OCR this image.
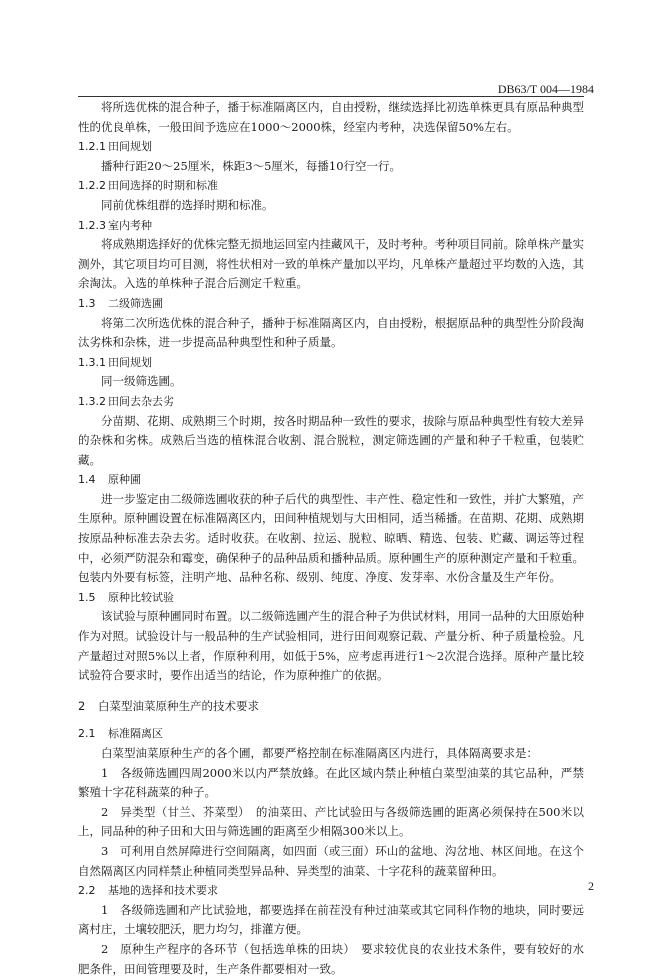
DB63/T 004—1984
将所选优株的混合种子，播于标准隔离区内，自由授粉，继续选择比初选单株更具有原品种典型性的优良单株，一般田间予选应在1000～2000株，经室内考种，决选保留50%左右。
1.2.1 田间规划
播种行距20～25厘米，株距3～5厘米，每播10行空一行。
1.2.2 田间选择的时期和标准
同前优株组群的选择时期和标准。
1.2.3 室内考种
将成熟期选择好的优株完整无损地运回室内挂藏风干，及时考种。考种项目同前。除单株产量实测外，其它项目均可目测，将性状相对一致的单株产量加以平均，凡单株产量超过平均数的入选，其余淘汰。入选的单株种子混合后测定千粒重。
1.3 二级筛选圃
将第二次所选优株的混合种子，播种于标准隔离区内，自由授粉，根据原品种的典型性分阶段淘汰劣株和杂株，进一步提高品种典型性和种子质量。
1.3.1 田间规划
同一级筛选圃。
1.3.2 田间去杂去劣
分苗期、花期、成熟期三个时期，按各时期品种一致性的要求，拔除与原品种典型性有较大差异的杂株和劣株。成熟后当选的植株混合收割、混合脱粒，测定筛选圃的产量和种子千粒重，包装贮藏。
1.4 原种圃
进一步鉴定由二级筛选圃收获的种子后代的典型性、丰产性、稳定性和一致性，并扩大繁殖，产生原种。原种圃设置在标准隔离区内，田间种植规划与大田相同，适当稀播。在苗期、花期、成熟期按原品种标准去杂去劣。适时收获。在收割、拉运、脱粒、晾晒、精选、包装、贮藏、调运等过程中，必须严防混杂和霉变，确保种子的品种品质和播种品质。原种圃生产的原种测定产量和千粒重。包装内外要有标签，注明产地、品种名称、级别、纯度、净度、发芽率、水份含量及生产年份。
1.5 原种比较试验
该试验与原种圃同时布置。以二级筛选圃产生的混合种子为供试材料，用同一品种的大田原始种作为对照。试验设计与一般品种的生产试验相同，进行田间观察记载、产量分析、种子质量检验。凡产量超过对照5%以上者，作原种利用，如低于5%，应考虑再进行1～2次混合选择。原种产量比较试验符合要求时，要作出适当的结论，作为原种推广的依据。
2 白菜型油菜原种生产的技术要求
2.1 标准隔离区
白菜型油菜原种生产的各个圃，都要严格控制在标准隔离区内进行，具体隔离要求是：
1　各级筛选圃四周2000米以内严禁放蜂。在此区域内禁止种植白菜型油菜的其它品种，严禁繁殖十字花科蔬菜的种子。
2　异类型（甘兰、芥菜型）　的油菜田、产比试验田与各级筛选圃的距离必须保持在500米以上，同品种的种子田和大田与筛选圃的距离至少相隔300米以上。
3　可利用自然屏障进行空间隔离，如四面（或三面）环山的盆地、沟岔地、林区间地。在这个自然隔离区内同样禁止种植同类型异品种、异类型的油菜、十字花科的蔬菜留种田。
2.2 基地的选择和技术要求
1　各级筛选圃和产比试验地，都要选择在前茬没有种过油菜或其它同科作物的地块，同时要远离村庄，土壤较肥沃，肥力均匀，排灌方便。
2　原种生产程序的各环节（包括选单株的田块）　要求较优良的农业技术条件，要有较好的水肥条件，田间管理要及时，生产条件都要相对一致。
2
